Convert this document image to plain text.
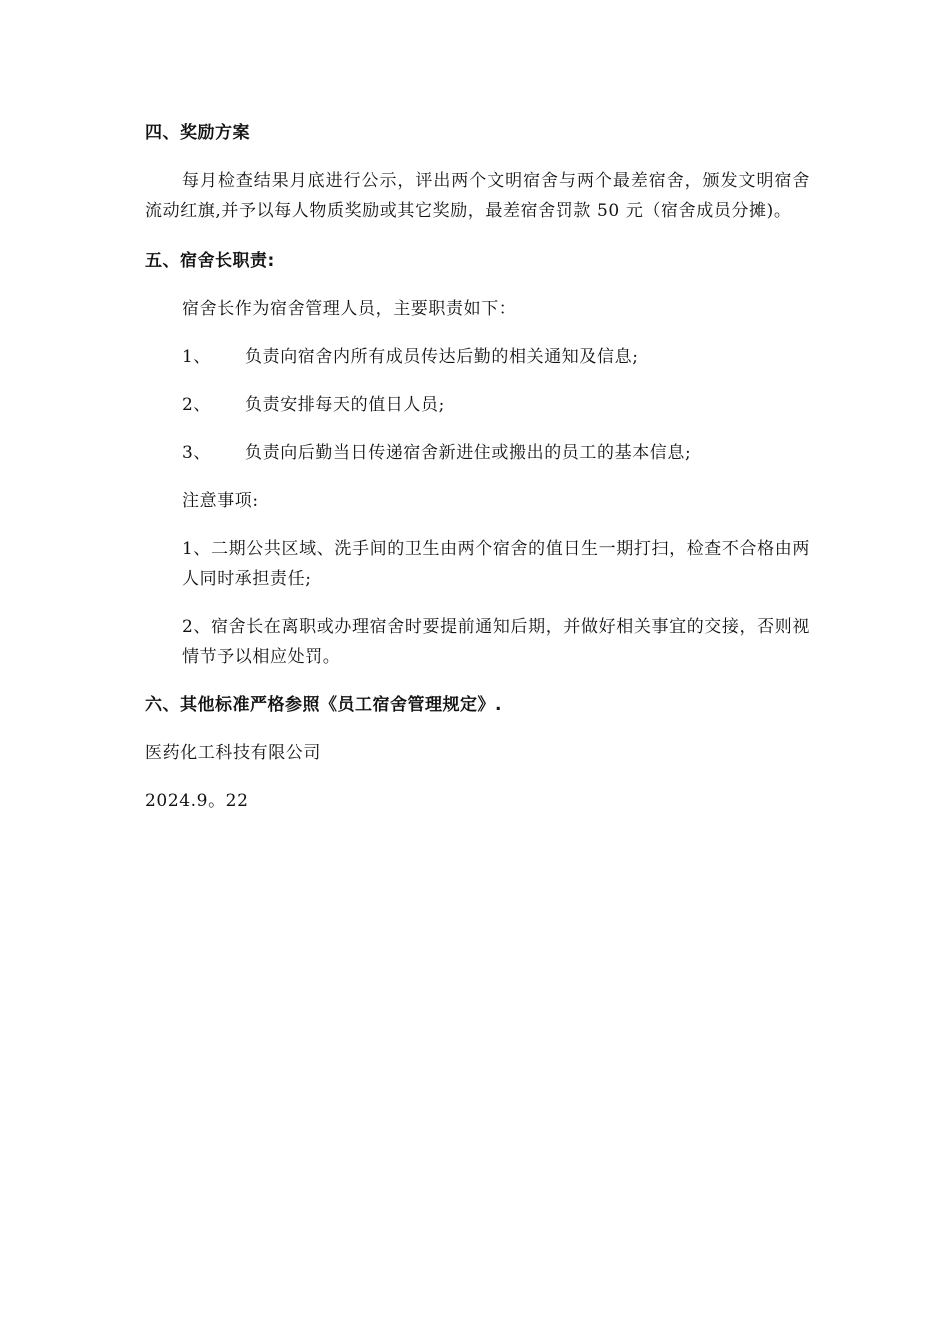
四、奖励方案

每月检查结果月底进行公示，评出两个文明宿舍与两个最差宿舍，颁发文明宿舍流动红旗,并予以每人物质奖励或其它奖励，最差宿舍罚款 50 元（宿舍成员分摊)。

五、宿舍长职责:

宿舍长作为宿舍管理人员，主要职责如下：

1、	负责向宿舍内所有成员传达后勤的相关通知及信息;
2、	负责安排每天的值日人员;
3、	负责向后勤当日传递宿舍新进住或搬出的员工的基本信息;

注意事项:

1、二期公共区域、洗手间的卫生由两个宿舍的值日生一期打扫，检查不合格由两人同时承担责任;

2、宿舍长在离职或办理宿舍时要提前通知后期，并做好相关事宜的交接，否则视情节予以相应处罚。

六、其他标准严格参照《员工宿舍管理规定》.

医药化工科技有限公司

2024.9。22
